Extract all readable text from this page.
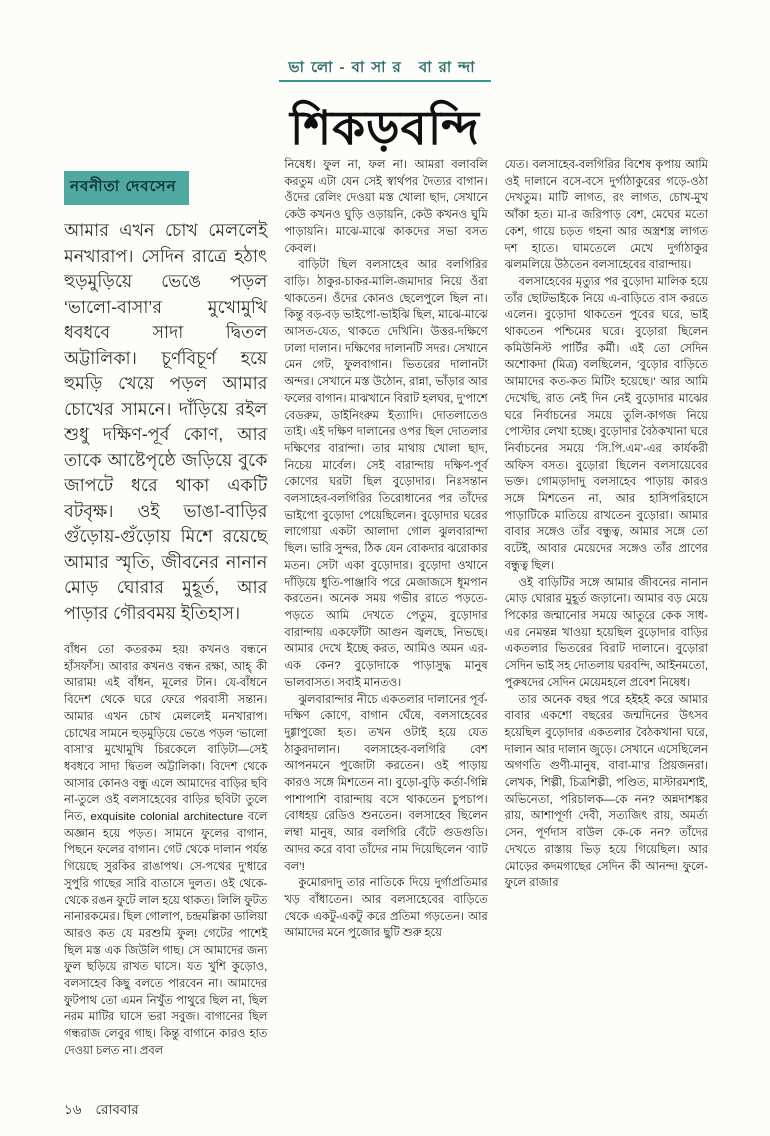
ভালো-বাসার বারান্দা
শিকড়বন্দি
নবনীতা দেবসেন
আমার এখন চোখ মেললেই মনখারাপ। সেদিন রাত্রে হঠাৎ হুড়মুড়িয়ে ভেঙে পড়ল ‘ভালো-বাসা’র মুখোমুখি ধবধবে সাদা দ্বিতল অট্টালিকা। চূর্ণবিচূর্ণ হয়ে হুমড়ি খেয়ে পড়ল আমার চোখের সামনে। দাঁড়িয়ে রইল শুধু দক্ষিণ-পূর্ব কোণ, আর তাকে আষ্টেপৃষ্ঠে জড়িয়ে বুকে জাপটে ধরে থাকা একটি বটবৃক্ষ। ওই ভাঙা-বাড়ির গুঁড়োয়-গুঁড়োয় মিশে রয়েছে আমার স্মৃতি, জীবনের নানান মোড় ঘোরার মুহূর্ত, আর পাড়ার গৌরবময় ইতিহাস।

বাঁধন তো কতরকম হয়! কখনও বন্ধনে হাঁসফাঁস। আবার কখনও বন্ধন রক্ষা, আহ্ কী আরাম! এই বাঁধন, মূলের টান। যে-বাঁধনে বিদেশ থেকে ঘরে ফেরে পরবাসী সন্তান। আমার এখন চোখ মেললেই মনখারাপ। চোখের সামনে হুড়মুড়িয়ে ভেঙে পড়ল ‘ভালো বাসা’র মুখোমুখি চিরকেলে বাড়িটা—সেই ধবধবে সাদা দ্বিতল অট্টালিকা। বিদেশ থেকে আসার কোনও বন্ধু এলে আমাদের বাড়ির ছবি না-তুলে ওই বলসাহেবের বাড়ির ছবিটা তুলে নিত, exquisite colonial architecture বলে অজ্ঞান হয়ে পড়ত। সামনে ফুলের বাগান, পিছনে ফলের বাগান। গেট থেকে দালান পর্যন্ত গিয়েছে সুরকির রাঙাপথ। সে-পথের দু’ধারে সুপুরি গাছের সারি বাতাসে দুলত। ওই থেকে-থেকে রঙন ফুটে লাল হয়ে থাকত। লিলি ফুটত নানারকমের। ছিল গোলাপ, চন্দ্রমল্লিকা ডালিয়া আরও কত যে মরশুমি ফুল! গেটের পাশেই ছিল মস্ত এক জিউলি গাছ। সে আমাদের জন্য ফুল ছড়িয়ে রাখত ঘাসে। যত খুশি কুড়োও, বলসাহেব কিছু বলতে পারবেন না। আমাদের ফুটপাথ তো এমন নিখুঁত পাথুরে ছিল না, ছিল নরম মাটির ঘাসে ভরা সবুজ। বাগানের ছিল গন্ধরাজ লেবুর গাছ। কিন্তু বাগানে কারও হাত দেওয়া চলত না। প্রবল

নিষেধ। ফুল না, ফল না। আমরা বলাবলি করতুম এটা যেন সেই স্বার্থপর দৈত্যর বাগান। ওঁদের রেলিং দেওয়া মস্ত খোলা ছাদ, সেখানে কেউ কখনও ঘুড়ি ওড়ায়নি, কেউ কখনও ঘুমি পাড়ায়নি। মাঝে-মাঝে কাকদের সভা বসত কেবল।

বাড়িটা ছিল বলসাহেব আর বলগিরির বাড়ি। ঠাকুর-চাকর-মালি-জমাদার নিয়ে ওঁরা থাকতেন। ওঁদের কোনও ছেলেপুলে ছিল না। কিন্তু বড়-বড় ভাইপো-ভাইঝি ছিল, মাঝে-মাঝে আসত-যেত, থাকতে দেখিনি। উত্তর-দক্ষিণে ঢালা দালান। দক্ষিণের দালানটি সদর। সেখানে মেন গেট, ফুলবাগান। ভিতরের দালানটা অন্দর। সেখানে মস্ত উঠোন, রান্না, ভাঁড়ার আর ফলের বাগান। মাঝখানে বিরাট হলঘর, দু’পাশে বেডরুম, ডাইনিংরুম ইত্যাদি। দোতলাতেও তাই। এই দক্ষিণ দালানের ওপর ছিল দোতলার দক্ষিণের বারান্দা। তার মাথায় খোলা ছাদ, নিচেয় মার্বেল। সেই বারান্দায় দক্ষিণ-পূর্ব কোণের ঘরটা ছিল বুড়োদার। নিঃসন্তান বলসাহেব-বলগিরির তিরোধানের পর তাঁদের ভাইপো বুড়োদা পেয়েছিলেন। বুড়োদার ঘরের লাগোয়া একটা আলাদা গোল ঝুলবারান্দা ছিল। ভারি সুন্দর, ঠিক যেন বোকদার ঝরোকার মতন। সেটা একা বুড়োদার। বুড়োদা ওখানে দাঁড়িয়ে ধুতি-পাঞ্জাবি পরে মেজাজসে ধূমপান করতেন। অনেক সময় গভীর রাতে পড়তে-পড়তে আমি দেখতে পেতুম, বুড়োদার বারান্দায় একফোঁটা আগুন জ্বলছে, নিভছে। আমার দেখে ইচ্ছে করত, আমিও অমন এর-এক কেন? বুড়োদাকে পাড়াসুদ্ধ মানুষ ভালবাসত। সবাই মানতও।

ঝুলবারান্দার নীচে একতলার দালানের পূর্ব-দক্ষিণ কোণে, বাগান ঘেঁষে, বলসাহেবের দুগ্গাপুজো হত। তখন ওটাই হয়ে যেত ঠাকুরদালান। বলসাহেব-বলগিরি বেশ আপনমনে পুজোটা করতেন। ওই পাড়ায় কারও সঙ্গে মিশতেন না। বুড়ো-বুড়ি কর্তা-গিন্নি পাশাপাশি বারান্দায় বসে থাকতেন চুপচাপ। বোধহয় রেডিও শুনতেন। বলসাহেব ছিলেন লম্বা মানুষ, আর বলগিরি বেঁটে গুডগুডি। আদর করে বাবা তাঁদের নাম দিয়েছিলেন ‘ব্যাট বল’!

কুমোরদাদু তার নাতিকে দিয়ে দুর্গাপ্রতিমার খড় বাঁধাতেন। আর বলসাহেবের বাড়িতে থেকে একটু-একটু করে প্রতিমা গড়তেন। আর আমাদের মনে পুজোর ছুটি শুরু হয়ে

যেত। বলসাহেব-বলগিরির বিশেষ কৃপায় আমি ওই দালানে বসে-বসে দুর্গাঠাকুরের গড়ে-ওঠা দেখতুম। মাটি লাগত, রং লাগত, চোখ-মুখ আঁকা হত। মা-র জরিপাড় বেশ, মেঘের মতো কেশ, গায়ে চড়ত গহনা আর অস্ত্রশস্ত্র লাগত দশ হাতে। ঘামতেলে মেখে দুর্গাঠাকুর ঝলমলিয়ে উঠতেন বলসাহেবের বারান্দায়।

বলসাহেবের মৃত্যুর পর বুড়োদা মালিক হয়ে তাঁর ছোটভাইকে নিয়ে এ-বাড়িতে বাস করতে এলেন। বুড়োদা থাকতেন পুবের ঘরে, ভাই থাকতেন পশ্চিমের ঘরে। বুড়োরা ছিলেন কমিউনিস্ট পার্টির কর্মী। এই তো সেদিন অশোকদা (মিত্র) বলছিলেন, ‘বুড়োর বাড়িতে আমাদের কত-কত মিটিং হয়েছে।’ আর আমি দেখেছি, রাত নেই দিন নেই বুড়োদার মাঝের ঘরে নির্বাচনের সময়ে তুলি-কাগজ নিয়ে পোস্টার লেখা হচ্ছে। বুড়োদার বৈঠকখানা ঘরে নির্বাচনের সময়ে ‘সি.পি.এম’-এর কার্যকরী অফিস বসত। বুড়োরা ছিলেন বলসায়েবের ভক্ত। গোমড়াদাদু বলসাহেব পাড়ায় কারও সঙ্গে মিশতেন না, আর হাসিপরিহাসে পাড়াটিকে মাতিয়ে রাখতেন বুড়োরা। আমার বাবার সঙ্গেও তাঁর বন্ধুত্ব, আমার সঙ্গে তো বটেই, আবার মেয়েদের সঙ্গেও তাঁর প্রাণের বন্ধুত্ব ছিল।

ওই বাড়িটির সঙ্গে আমার জীবনের নানান মোড় ঘোরার মুহূর্ত জড়ানো। আমার বড় মেয়ে পিকোর জন্মানোর সময়ে আতুরে কেক সাধ-এর নেমন্তন্ন খাওয়া হয়েছিল বুড়োদার বাড়ির একতলার ভিতরের বিরাট দালানে। বুড়োরা সেদিন ভাই সহ দোতলায় ঘরবন্দি, আইনমতো, পুরুষদের সেদিন মেয়েমহলে প্রবেশ নিষেধ।

তার অনেক বছর পরে হইহই করে আমার বাবার একশো বছরের জন্মদিনের উৎসব হয়েছিল বুড়োদার একতলার বৈঠকখানা ঘরে, দালান আর দালান জুড়ে। সেখানে এসেছিলেন অগণতি গুণী-মানুষ, বাবা-মা’র প্রিয়জনরা। লেখক, শিল্পী, চিত্রশিল্পী, পণ্ডিত, মাস্টারমশাই, অভিনেতা, পরিচালক—কে নন? অন্নদাশঙ্কর রায়, আশাপূর্ণা দেবী, সত্যজিৎ রায়, অমর্ত্য সেন, পূর্ণদাস বাউল কে-কে নন? তাঁদের দেখতে রাস্তায় ভিড় হয়ে গিয়েছিল। আর মোড়ের কদমগাছের সেদিন কী আনন্দ! ফুলে-ফুলে রাজার

১৬ রোববার
